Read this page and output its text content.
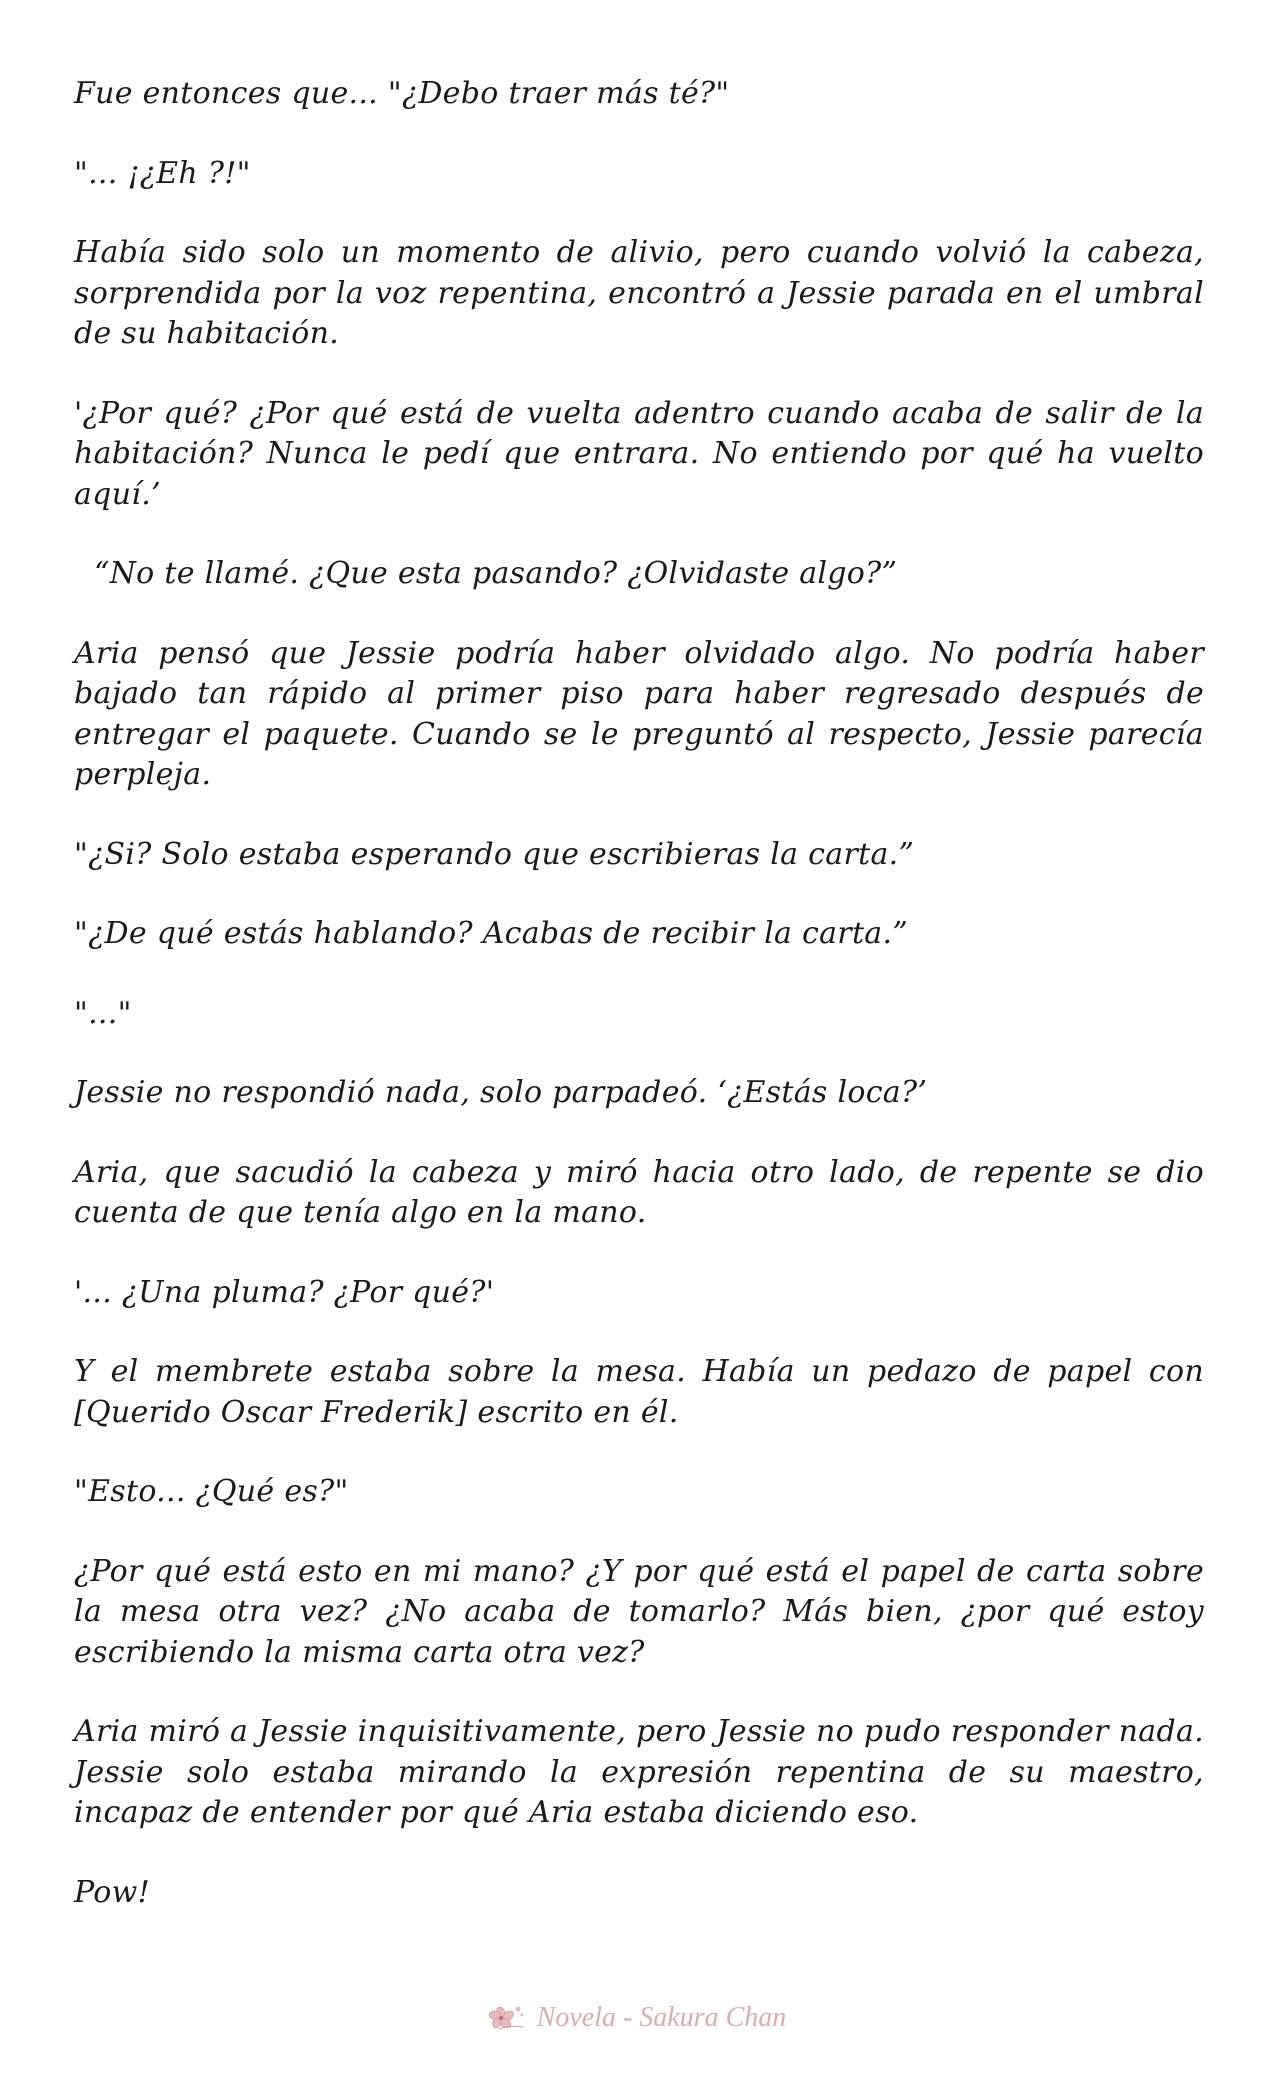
Fue entonces que... "¿Debo traer más té?"

"... ¡¿Eh ?!"

Había sido solo un momento de alivio, pero cuando volvió la cabeza, sorprendida por la voz repentina, encontró a Jessie parada en el umbral de su habitación.

'¿Por qué? ¿Por qué está de vuelta adentro cuando acaba de salir de la habitación? Nunca le pedí que entrara. No entiendo por qué ha vuelto aquí.’

“No te llamé. ¿Que esta pasando? ¿Olvidaste algo?”

Aria pensó que Jessie podría haber olvidado algo. No podría haber bajado tan rápido al primer piso para haber regresado después de entregar el paquete. Cuando se le preguntó al respecto, Jessie parecía perpleja.

"¿Si? Solo estaba esperando que escribieras la carta.”

"¿De qué estás hablando? Acabas de recibir la carta.”

"..."

Jessie no respondió nada, solo parpadeó. ‘¿Estás loca?’

Aria, que sacudió la cabeza y miró hacia otro lado, de repente se dio cuenta de que tenía algo en la mano.

'... ¿Una pluma? ¿Por qué?'

Y el membrete estaba sobre la mesa. Había un pedazo de papel con [Querido Oscar Frederik] escrito en él.

"Esto... ¿Qué es?"

¿Por qué está esto en mi mano? ¿Y por qué está el papel de carta sobre la mesa otra vez? ¿No acaba de tomarlo? Más bien, ¿por qué estoy escribiendo la misma carta otra vez?

Aria miró a Jessie inquisitivamente, pero Jessie no pudo responder nada. Jessie solo estaba mirando la expresión repentina de su maestro, incapaz de entender por qué Aria estaba diciendo eso.

Pow!

Novela - Sakura Chan
